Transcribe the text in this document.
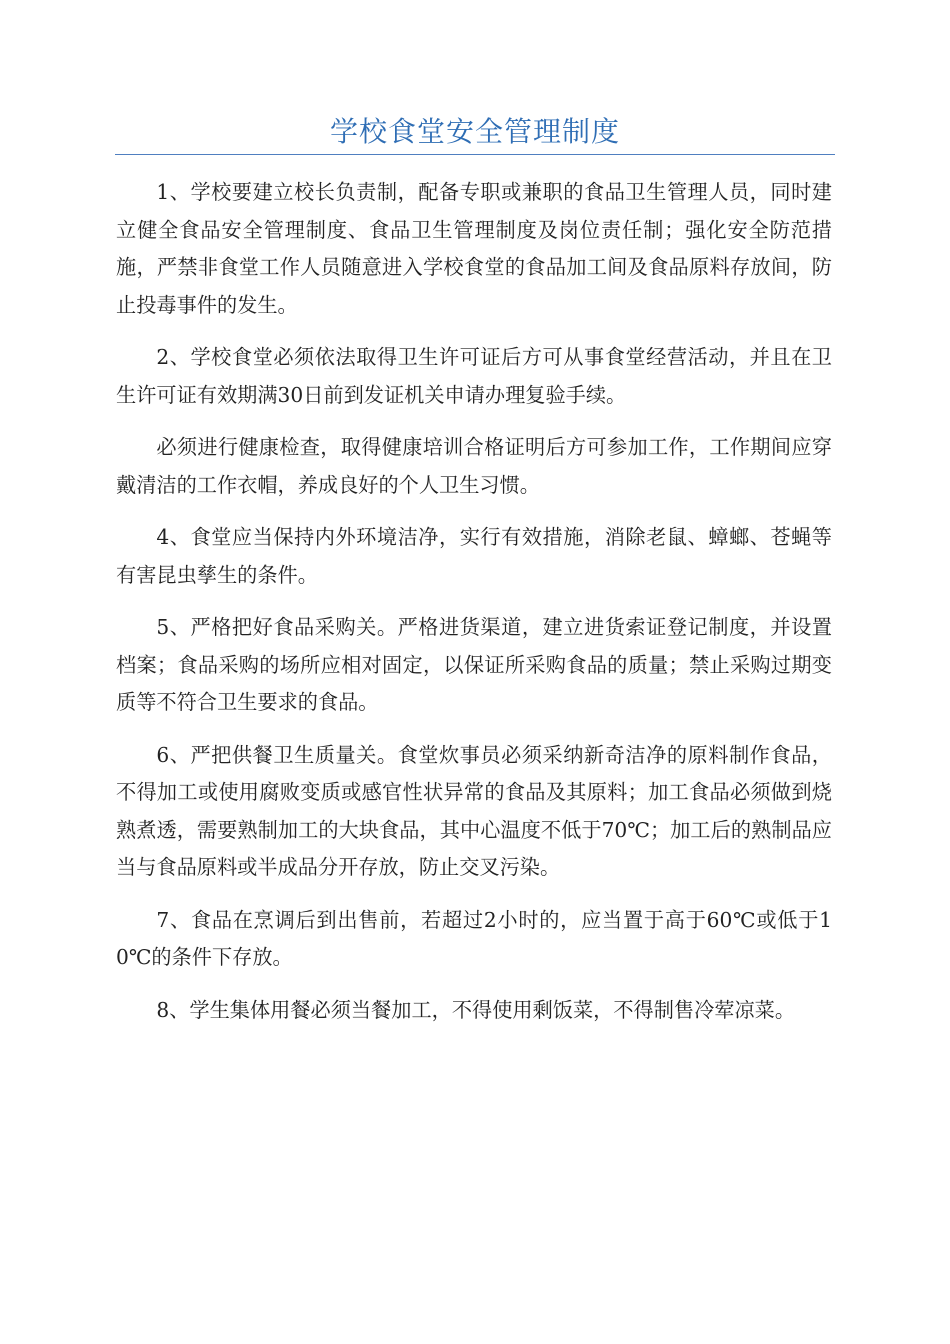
学校食堂安全管理制度

1、学校要建立校长负责制，配备专职或兼职的食品卫生管理人员，同时建立健全食品安全管理制度、食品卫生管理制度及岗位责任制；强化安全防范措施，严禁非食堂工作人员随意进入学校食堂的食品加工间及食品原料存放间，防止投毒事件的发生。

2、学校食堂必须依法取得卫生许可证后方可从事食堂经营活动，并且在卫生许可证有效期满30日前到发证机关申请办理复验手续。

必须进行健康检查，取得健康培训合格证明后方可参加工作，工作期间应穿戴清洁的工作衣帽，养成良好的个人卫生习惯。

4、食堂应当保持内外环境洁净，实行有效措施，消除老鼠、蟑螂、苍蝇等有害昆虫孳生的条件。

5、严格把好食品采购关。严格进货渠道，建立进货索证登记制度，并设置档案；食品采购的场所应相对固定，以保证所采购食品的质量；禁止采购过期变质等不符合卫生要求的食品。

6、严把供餐卫生质量关。食堂炊事员必须采纳新奇洁净的原料制作食品，不得加工或使用腐败变质或感官性状异常的食品及其原料；加工食品必须做到烧熟煮透，需要熟制加工的大块食品，其中心温度不低于70℃；加工后的熟制品应当与食品原料或半成品分开存放，防止交叉污染。

7、食品在烹调后到出售前，若超过2小时的，应当置于高于60℃或低于10℃的条件下存放。

8、学生集体用餐必须当餐加工，不得使用剩饭菜，不得制售冷荤凉菜。
